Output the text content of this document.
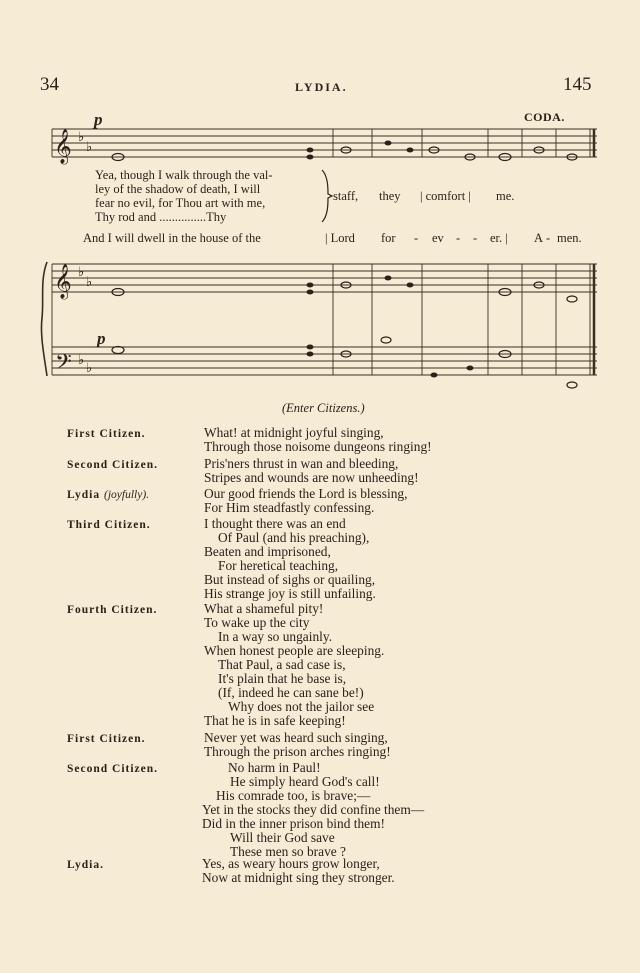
34	LYDIA.	145
𝄞
𝄞
𝄢
♭
♭
♭
♭
♭
♭
p
p
CODA.
Yea, though I walk through the val-
ley of the shadow of death, I will
fear no evil, for Thou art with me,
Thy rod and ...............Thy
staff, they | comfort | me.
And I will dwell in the house of the	| Lord for - ev - - er. | A - men.
(Enter Citizens.)
First Citizen.	What! at midnight joyful singing,
Through those noisome dungeons ringing!
Second Citizen.	Pris'ners thrust in wan and bleeding,
Stripes and wounds are now unheeding!
Lydia (joyfully).	Our good friends the Lord is blessing,
For Him steadfastly confessing.
Third Citizen.	I thought there was an end
Of Paul (and his preaching),
Beaten and imprisoned,
For heretical teaching,
But instead of sighs or quailing,
His strange joy is still unfailing.
Fourth Citizen.	What a shameful pity!
To wake up the city
In a way so ungainly.
When honest people are sleeping.
That Paul, a sad case is,
It's plain that he base is,
(If, indeed he can sane be!)
Why does not the jailor see
That he is in safe keeping!
First Citizen.	Never yet was heard such singing,
Through the prison arches ringing!
Second Citizen.	No harm in Paul!
He simply heard God's call!
His comrade too, is brave;—
Yet in the stocks they did confine them—
Did in the inner prison bind them!
Will their God save
These men so brave ?
Lydia.	Yes, as weary hours grow longer,
Now at midnight sing they stronger.
